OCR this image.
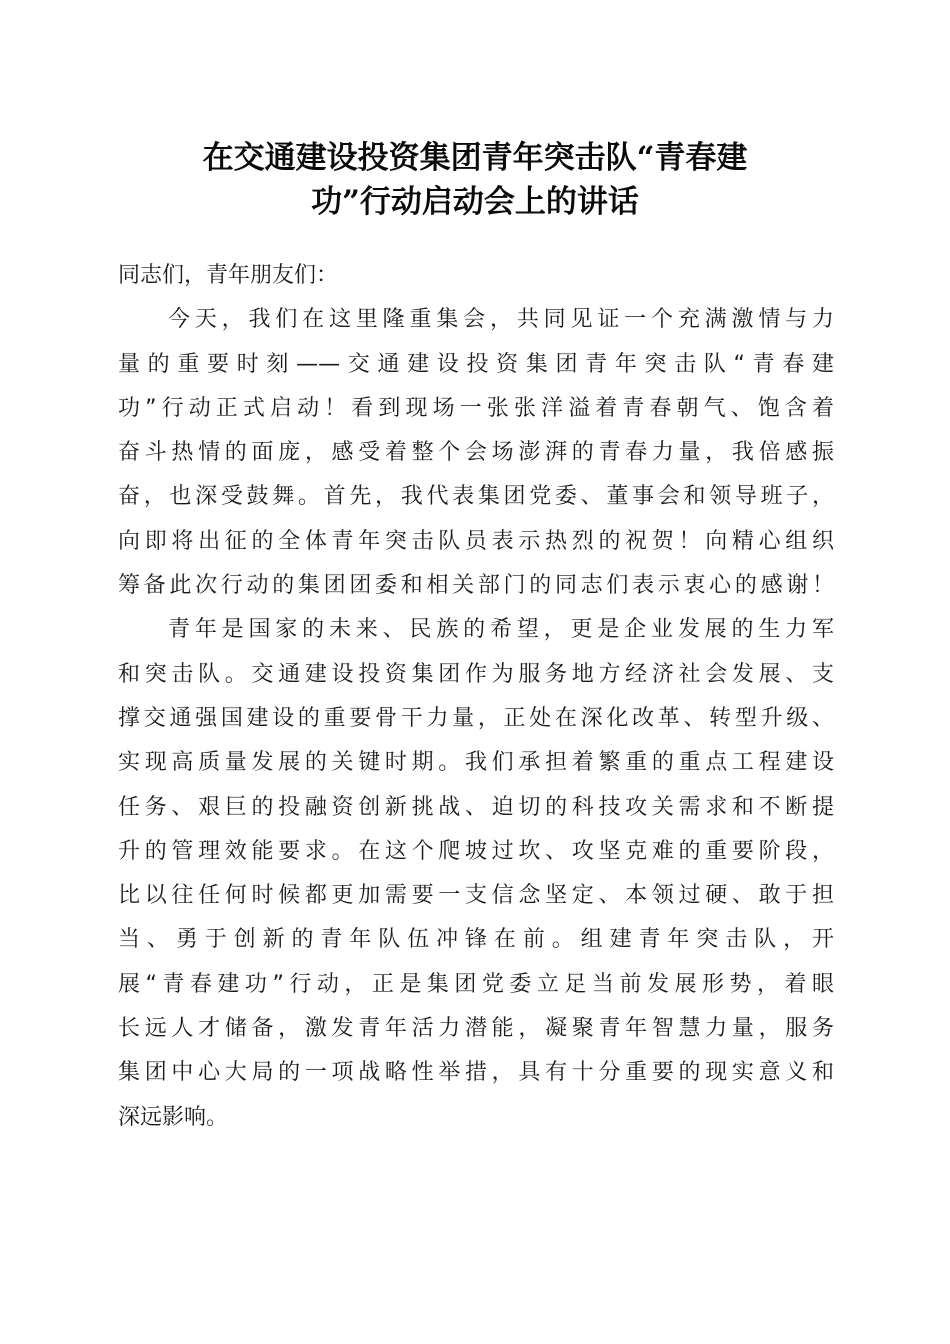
在交通建设投资集团青年突击队“青春建
功”行动启动会上的讲话
同志们，青年朋友们：
今天，我们在这里隆重集会，共同见证一个充满激情与力
量的重要时刻——交通建设投资集团青年突击队“青春建
功”行动正式启动！看到现场一张张洋溢着青春朝气、饱含着
奋斗热情的面庞，感受着整个会场澎湃的青春力量，我倍感振
奋，也深受鼓舞。首先，我代表集团党委、董事会和领导班子，
向即将出征的全体青年突击队员表示热烈的祝贺！向精心组织
筹备此次行动的集团团委和相关部门的同志们表示衷心的感谢！
青年是国家的未来、民族的希望，更是企业发展的生力军
和突击队。交通建设投资集团作为服务地方经济社会发展、支
撑交通强国建设的重要骨干力量，正处在深化改革、转型升级、
实现高质量发展的关键时期。我们承担着繁重的重点工程建设
任务、艰巨的投融资创新挑战、迫切的科技攻关需求和不断提
升的管理效能要求。在这个爬坡过坎、攻坚克难的重要阶段，
比以往任何时候都更加需要一支信念坚定、本领过硬、敢于担
当、勇于创新的青年队伍冲锋在前。组建青年突击队，开
展“青春建功”行动，正是集团党委立足当前发展形势，着眼
长远人才储备，激发青年活力潜能，凝聚青年智慧力量，服务
集团中心大局的一项战略性举措，具有十分重要的现实意义和
深远影响。
